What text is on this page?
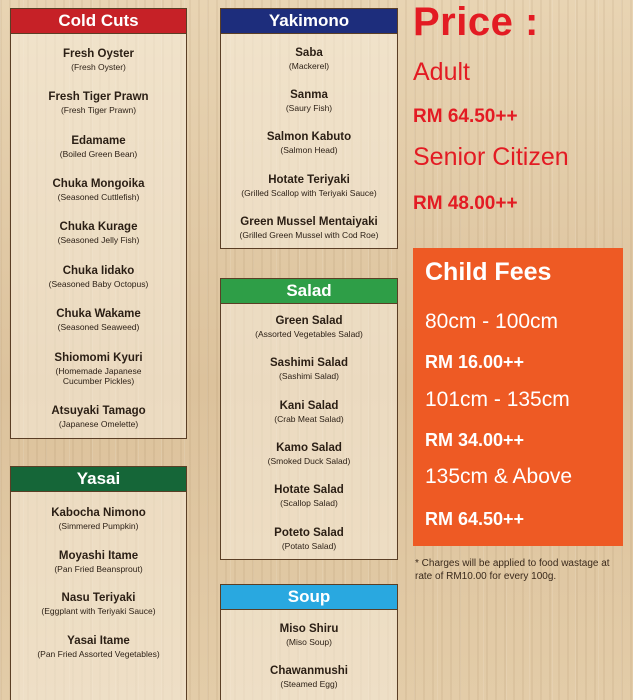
Cold Cuts
Fresh Oyster
(Fresh Oyster)
Fresh Tiger Prawn
(Fresh Tiger Prawn)
Edamame
(Boiled Green Bean)
Chuka Mongoika
(Seasoned Cuttlefish)
Chuka Kurage
(Seasoned Jelly Fish)
Chuka Iidako
(Seasoned Baby Octopus)
Chuka Wakame
(Seasoned Seaweed)
Shiomomi Kyuri
(Homemade Japanese Cucumber Pickles)
Atsuyaki Tamago
(Japanese Omelette)
Yakimono
Saba
(Mackerel)
Sanma
(Saury Fish)
Salmon Kabuto
(Salmon Head)
Hotate Teriyaki
(Grilled Scallop with Teriyaki Sauce)
Green Mussel Mentaiyaki
(Grilled Green Mussel with Cod Roe)
Salad
Green Salad
(Assorted Vegetables Salad)
Sashimi Salad
(Sashimi Salad)
Kani Salad
(Crab Meat Salad)
Kamo Salad
(Smoked Duck Salad)
Hotate Salad
(Scallop Salad)
Poteto Salad
(Potato Salad)
Yasai
Kabocha Nimono
(Simmered Pumpkin)
Moyashi Itame
(Pan Fried Beansprout)
Nasu Teriyaki
(Eggplant with Teriyaki Sauce)
Yasai Itame
(Pan Fried Assorted Vegetables)
Soup
Miso Shiru
(Miso Soup)
Chawanmushi
(Steamed Egg)
Price :
Adult
RM 64.50++
Senior Citizen
RM 48.00++
Child Fees
80cm - 100cm
RM 16.00++
101cm - 135cm
RM 34.00++
135cm & Above
RM 64.50++
* Charges will be applied to food wastage at rate of RM10.00 for every 100g.
